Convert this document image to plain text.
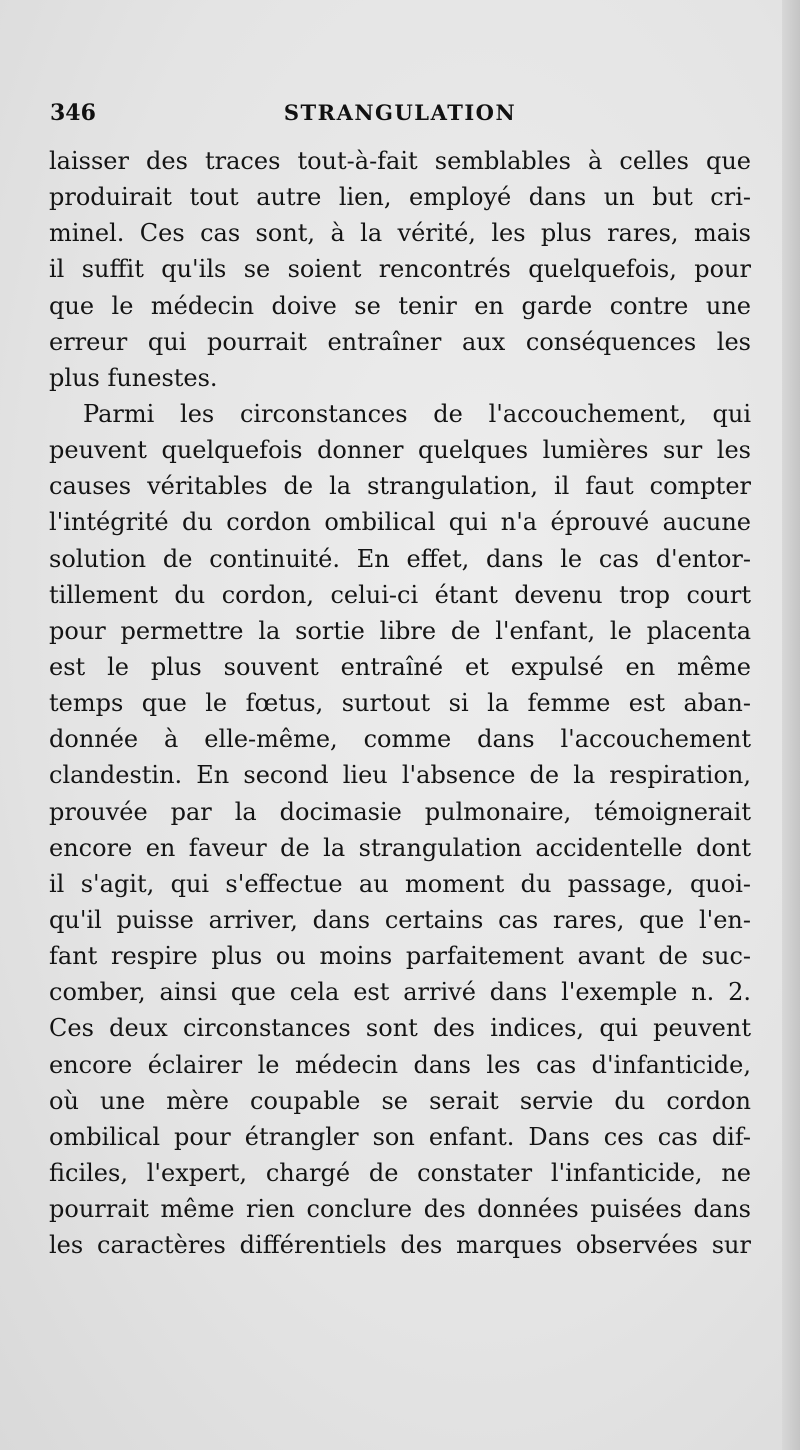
346	STRANGULATION
laisser des traces tout-à-fait semblables à celles que
produirait tout autre lien, employé dans un but cri-
minel. Ces cas sont, à la vérité, les plus rares, mais
il suffit qu'ils se soient rencontrés quelquefois, pour
que le médecin doive se tenir en garde contre une
erreur qui pourrait entraîner aux conséquences les
plus funestes.
Parmi les circonstances de l'accouchement, qui
peuvent quelquefois donner quelques lumières sur les
causes véritables de la strangulation, il faut compter
l'intégrité du cordon ombilical qui n'a éprouvé aucune
solution de continuité. En effet, dans le cas d'entor-
tillement du cordon, celui-ci étant devenu trop court
pour permettre la sortie libre de l'enfant, le placenta
est le plus souvent entraîné et expulsé en même
temps que le fœtus, surtout si la femme est aban-
donnée à elle-même, comme dans l'accouchement
clandestin. En second lieu l'absence de la respiration,
prouvée par la docimasie pulmonaire, témoignerait
encore en faveur de la strangulation accidentelle dont
il s'agit, qui s'effectue au moment du passage, quoi-
qu'il puisse arriver, dans certains cas rares, que l'en-
fant respire plus ou moins parfaitement avant de suc-
comber, ainsi que cela est arrivé dans l'exemple n. 2.
Ces deux circonstances sont des indices, qui peuvent
encore éclairer le médecin dans les cas d'infanticide,
où une mère coupable se serait servie du cordon
ombilical pour étrangler son enfant. Dans ces cas dif-
ficiles, l'expert, chargé de constater l'infanticide, ne
pourrait même rien conclure des données puisées dans
les caractères différentiels des marques observées sur
